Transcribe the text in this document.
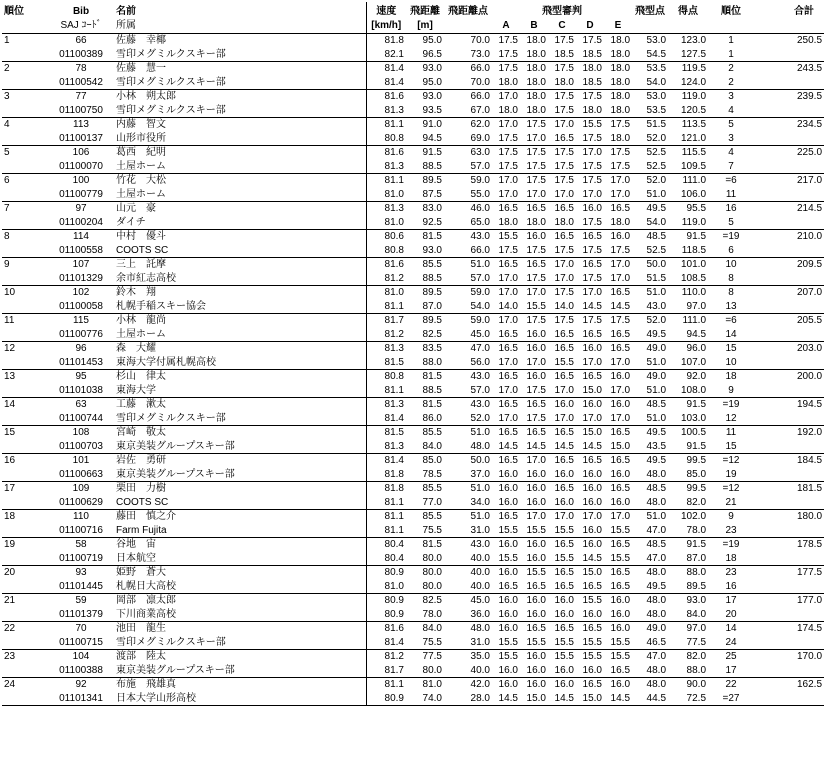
順位	Bib	名前	速度	飛距離	飛距離点	飛型審判					飛型点	得点	順位	合計
	SAJ ｺｰﾄﾞ	所属	[km/h]	[m]		A	B	C	D	E				
1	66	佐藤　幸椰	81.8	95.0	70.0	17.5	18.0	17.5	17.5	18.0	53.0	123.0	1	250.5
	01100389	雪印メグミルクスキー部	82.1	96.5	73.0	17.5	18.0	18.5	18.5	18.0	54.5	127.5	1	
2	78	佐藤　慧一	81.4	93.0	66.0	17.5	18.0	17.5	18.0	18.0	53.5	119.5	2	243.5
	01100542	雪印メグミルクスキー部	81.4	95.0	70.0	18.0	18.0	18.0	18.5	18.0	54.0	124.0	2	
3	77	小林　朔太郎	81.6	93.0	66.0	17.0	18.0	17.5	17.5	18.0	53.0	119.0	3	239.5
	01100750	雪印メグミルクスキー部	81.3	93.5	67.0	18.0	18.0	17.5	18.0	18.0	53.5	120.5	4	
4	113	内藤　智文	81.1	91.0	62.0	17.0	17.5	17.0	15.5	17.5	51.5	113.5	5	234.5
	01100137	山形市役所	80.8	94.5	69.0	17.5	17.0	16.5	17.5	18.0	52.0	121.0	3	
5	106	葛西　紀明	81.6	91.5	63.0	17.5	17.5	17.5	17.0	17.5	52.5	115.5	4	225.0
	01100070	土屋ホーム	81.3	88.5	57.0	17.5	17.5	17.5	17.5	17.5	52.5	109.5	7	
6	100	竹花　大松	81.1	89.5	59.0	17.0	17.5	17.5	17.5	17.0	52.0	111.0	=6	217.0
	01100779	土屋ホーム	81.0	87.5	55.0	17.0	17.0	17.0	17.0	17.0	51.0	106.0	11	
7	97	山元　豪	81.3	83.0	46.0	16.5	16.5	16.5	16.0	16.5	49.5	95.5	16	214.5
	01100204	ダイチ	81.0	92.5	65.0	18.0	18.0	18.0	17.5	18.0	54.0	119.0	5	
8	114	中村　優斗	80.6	81.5	43.0	15.5	16.0	16.5	16.5	16.0	48.5	91.5	=19	210.0
	01100558	COOTS SC	80.8	93.0	66.0	17.5	17.5	17.5	17.5	17.5	52.5	118.5	6	
9	107	三上　託摩	81.6	85.5	51.0	16.5	16.5	17.0	16.5	17.0	50.0	101.0	10	209.5
	01101329	余市紅志高校	81.2	88.5	57.0	17.0	17.5	17.0	17.5	17.0	51.5	108.5	8	
10	102	鈴木　翔	81.0	89.5	59.0	17.0	17.0	17.5	17.0	16.5	51.0	110.0	8	207.0
	01100058	札幌手稲スキー協会	81.1	87.0	54.0	14.0	15.5	14.0	14.5	14.5	43.0	97.0	13	
11	115	小林　龍尚	81.7	89.5	59.0	17.0	17.5	17.5	17.5	17.5	52.0	111.0	=6	205.5
	01100776	土屋ホーム	81.2	82.5	45.0	16.5	16.0	16.5	16.5	16.5	49.5	94.5	14	
12	96	森　大耀	81.3	83.5	47.0	16.5	16.0	16.5	16.0	16.5	49.0	96.0	15	203.0
	01101453	東海大学付属札幌高校	81.5	88.0	56.0	17.0	17.0	15.5	17.0	17.0	51.0	107.0	10	
13	95	杉山　律太	80.8	81.5	43.0	16.5	16.0	16.5	16.5	16.0	49.0	92.0	18	200.0
	01101038	東海大学	81.1	88.5	57.0	17.0	17.5	17.0	15.0	17.0	51.0	108.0	9	
14	63	工藤　漱太	81.3	81.5	43.0	16.5	16.5	16.0	16.0	16.0	48.5	91.5	=19	194.5
	01100744	雪印メグミルクスキー部	81.4	86.0	52.0	17.0	17.5	17.0	17.0	17.0	51.0	103.0	12	
15	108	宮崎　敬太	81.5	85.5	51.0	16.5	16.5	16.5	15.0	16.5	49.5	100.5	11	192.0
	01100703	東京美装グループスキー部	81.3	84.0	48.0	14.5	14.5	14.5	14.5	15.0	43.5	91.5	15	
16	101	岩佐　勇研	81.4	85.0	50.0	16.5	17.0	16.5	16.5	16.5	49.5	99.5	=12	184.5
	01100663	東京美装グループスキー部	81.8	78.5	37.0	16.0	16.0	16.0	16.0	16.0	48.0	85.0	19	
17	109	栗田　力樹	81.8	85.5	51.0	16.0	16.0	16.5	16.0	16.5	48.5	99.5	=12	181.5
	01100629	COOTS SC	81.1	77.0	34.0	16.0	16.0	16.0	16.0	16.0	48.0	82.0	21	
18	110	藤田　慎之介	81.1	85.5	51.0	16.5	17.0	17.0	17.0	17.0	51.0	102.0	9	180.0
	01100716	Farm Fujita	81.1	75.5	31.0	15.5	15.5	15.5	16.0	15.5	47.0	78.0	23	
19	58	谷地　宙	80.4	81.5	43.0	16.0	16.0	16.5	16.0	16.5	48.5	91.5	=19	178.5
	01100719	日本航空	80.4	80.0	40.0	15.5	16.0	15.5	14.5	15.5	47.0	87.0	18	
20	93	姫野　蒼大	80.9	80.0	40.0	16.0	15.5	16.5	15.0	16.5	48.0	88.0	23	177.5
	01101445	札幌日大高校	81.0	80.0	40.0	16.5	16.5	16.5	16.5	16.5	49.5	89.5	16	
21	59	岡部　凛太郎	80.9	82.5	45.0	16.0	16.0	16.0	15.5	16.0	48.0	93.0	17	177.0
	01101379	下川商業高校	80.9	78.0	36.0	16.0	16.0	16.0	16.0	16.0	48.0	84.0	20	
22	70	池田　龍生	81.6	84.0	48.0	16.0	16.5	16.5	16.5	16.0	49.0	97.0	14	174.5
	01100715	雪印メグミルクスキー部	81.4	75.5	31.0	15.5	15.5	15.5	15.5	15.5	46.5	77.5	24	
23	104	渡部　陸太	81.2	77.5	35.0	15.5	16.0	15.5	15.5	15.5	47.0	82.0	25	170.0
	01100388	東京美装グループスキー部	81.7	80.0	40.0	16.0	16.0	16.0	16.0	16.5	48.0	88.0	17	
24	92	布施　飛雄真	81.1	81.0	42.0	16.0	16.0	16.0	16.5	16.0	48.0	90.0	22	162.5
	01101341	日本大学山形高校	80.9	74.0	28.0	14.5	15.0	14.5	15.0	14.5	44.5	72.5	=27	
